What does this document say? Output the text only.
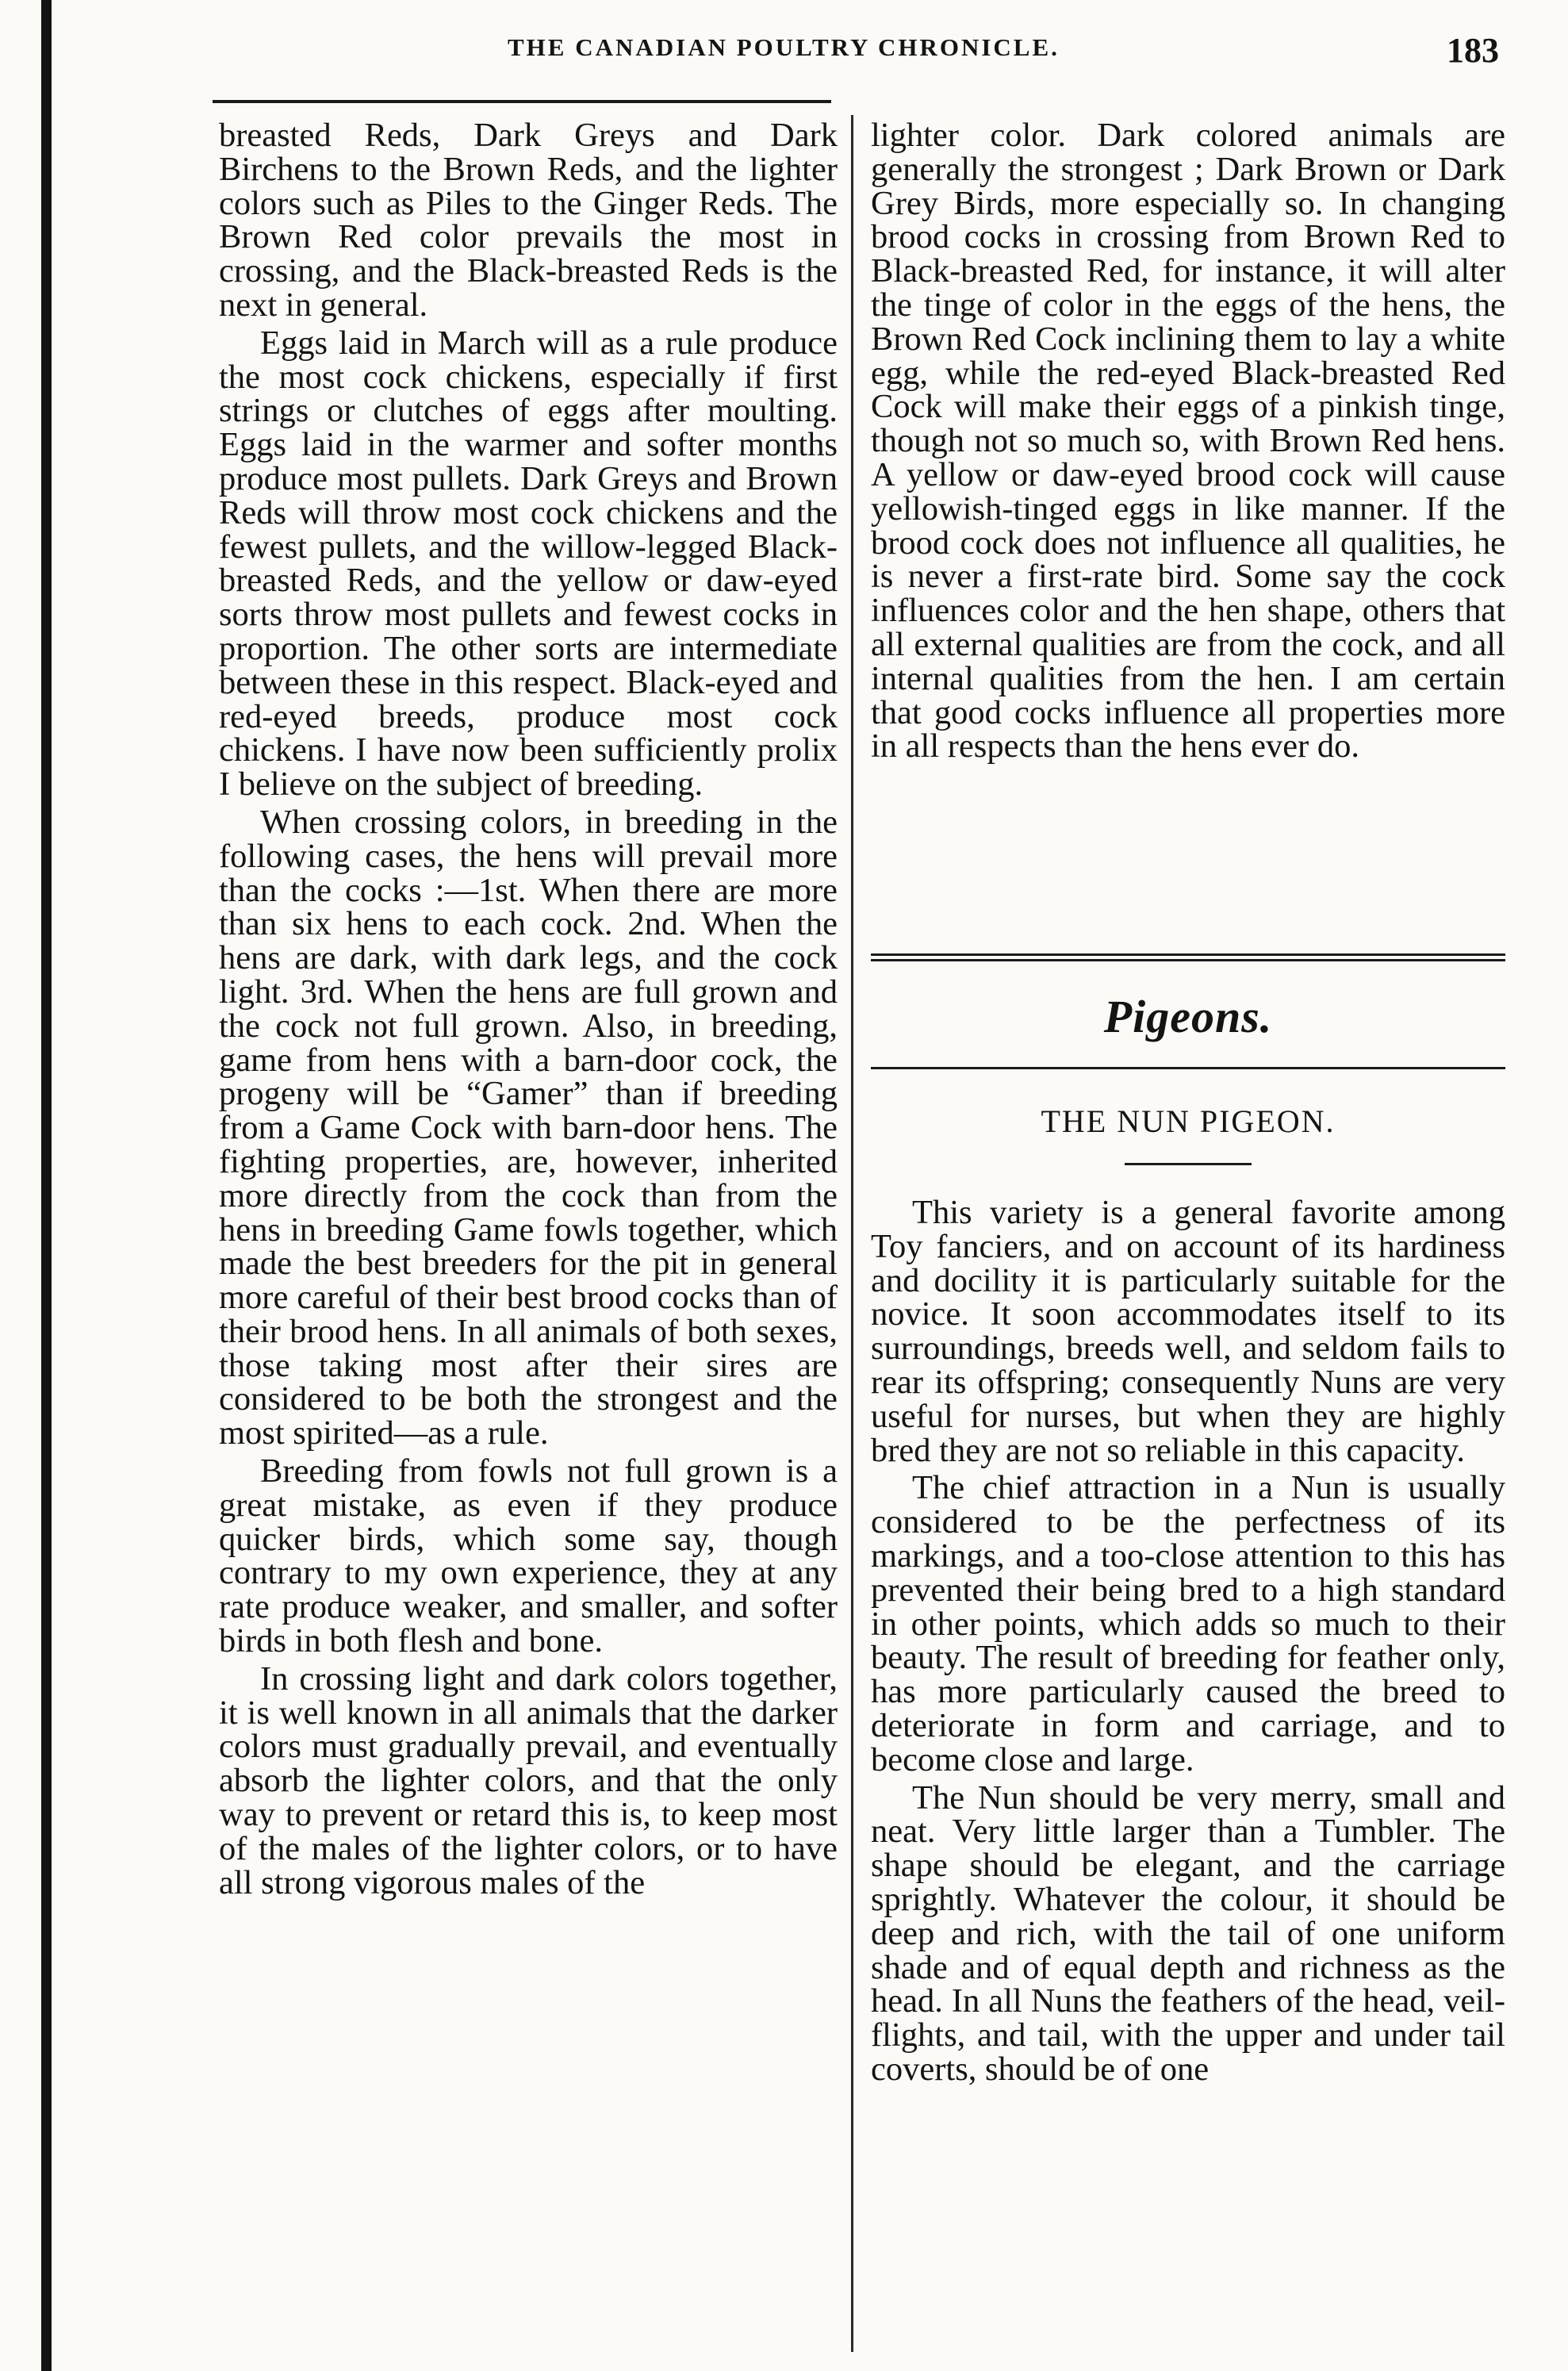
THE CANADIAN POULTRY CHRONICLE.	183

breasted Reds, Dark Greys and Dark Birchens to the Brown Reds, and the lighter colors such as Piles to the Ginger Reds. The Brown Red color prevails the most in crossing, and the Black-breasted Reds is the next in general.

Eggs laid in March will as a rule produce the most cock chickens, especially if first strings or clutches of eggs after moulting. Eggs laid in the warmer and softer months produce most pullets. Dark Greys and Brown Reds will throw most cock chickens and the fewest pullets, and the willow-legged Black-breasted Reds, and the yellow or daw-eyed sorts throw most pullets and fewest cocks in proportion. The other sorts are intermediate between these in this respect. Black-eyed and red-eyed breeds, produce most cock chickens. I have now been sufficiently prolix I believe on the subject of breeding.

When crossing colors, in breeding in the following cases, the hens will prevail more than the cocks :—1st. When there are more than six hens to each cock. 2nd. When the hens are dark, with dark legs, and the cock light. 3rd. When the hens are full grown and the cock not full grown. Also, in breeding, game from hens with a barn-door cock, the progeny will be “Gamer” than if breeding from a Game Cock with barn-door hens. The fighting properties, are, however, inherited more directly from the cock than from the hens in breeding Game fowls together, which made the best breeders for the pit in general more careful of their best brood cocks than of their brood hens. In all animals of both sexes, those taking most after their sires are considered to be both the strongest and the most spirited—as a rule.

Breeding from fowls not full grown is a great mistake, as even if they produce quicker birds, which some say, though contrary to my own experience, they at any rate produce weaker, and smaller, and softer birds in both flesh and bone.

In crossing light and dark colors together, it is well known in all animals that the darker colors must gradually prevail, and eventually absorb the lighter colors, and that the only way to prevent or retard this is, to keep most of the males of the lighter colors, or to have all strong vigorous males of the

lighter color. Dark colored animals are generally the strongest ; Dark Brown or Dark Grey Birds, more especially so. In changing brood cocks in crossing from Brown Red to Black-breasted Red, for instance, it will alter the tinge of color in the eggs of the hens, the Brown Red Cock inclining them to lay a white egg, while the red-eyed Black-breasted Red Cock will make their eggs of a pinkish tinge, though not so much so, with Brown Red hens. A yellow or daw-eyed brood cock will cause yellowish-tinged eggs in like manner. If the brood cock does not influence all qualities, he is never a first-rate bird. Some say the cock influences color and the hen shape, others that all external qualities are from the cock, and all internal qualities from the hen. I am certain that good cocks influence all properties more in all respects than the hens ever do.

Pigeons.
THE NUN PIGEON.

This variety is a general favorite among Toy fanciers, and on account of its hardiness and docility it is particularly suitable for the novice. It soon accommodates itself to its surroundings, breeds well, and seldom fails to rear its offspring; consequently Nuns are very useful for nurses, but when they are highly bred they are not so reliable in this capacity.

The chief attraction in a Nun is usually considered to be the perfectness of its markings, and a too-close attention to this has prevented their being bred to a high standard in other points, which adds so much to their beauty. The result of breeding for feather only, has more particularly caused the breed to deteriorate in form and carriage, and to become close and large.

The Nun should be very merry, small and neat. Very little larger than a Tumbler. The shape should be elegant, and the carriage sprightly. Whatever the colour, it should be deep and rich, with the tail of one uniform shade and of equal depth and richness as the head. In all Nuns the feathers of the head, veil-flights, and tail, with the upper and under tail coverts, should be of one
